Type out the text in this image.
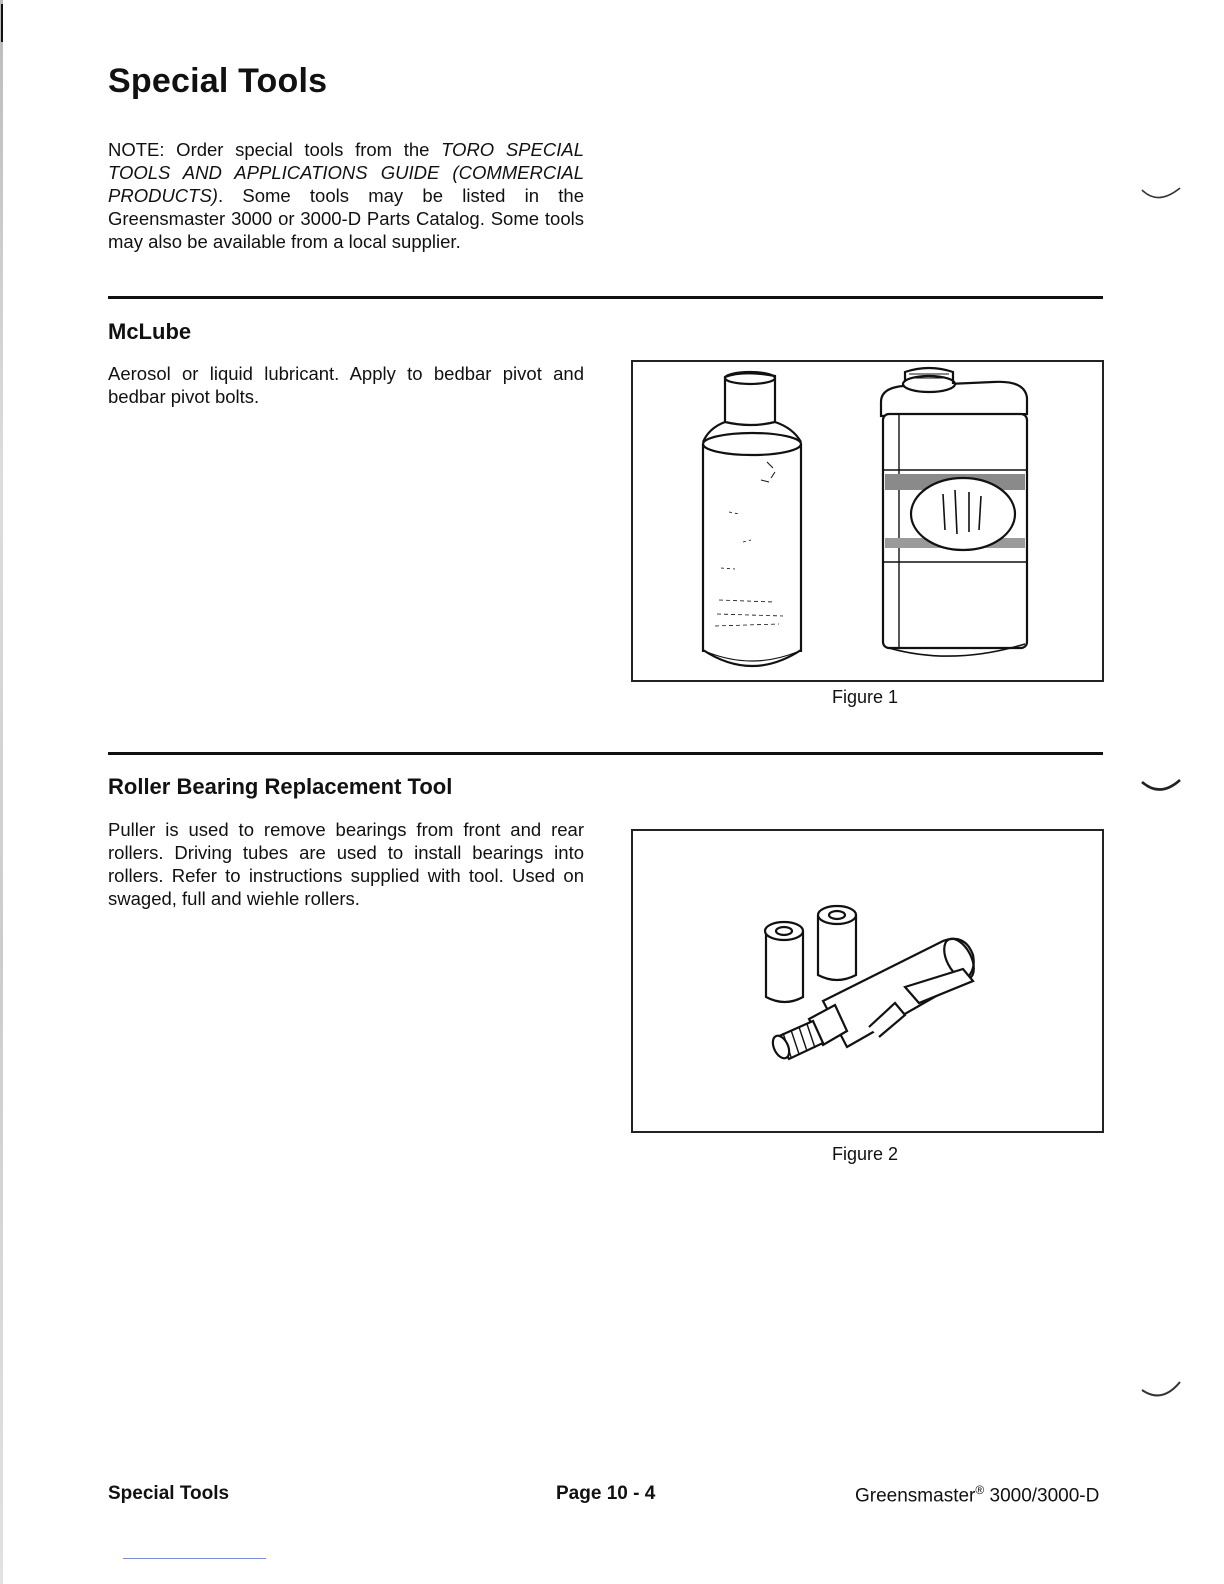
Special Tools

NOTE: Order special tools from the TORO SPECIAL TOOLS AND APPLICATIONS GUIDE (COMMERCIAL PRODUCTS). Some tools may be listed in the Greensmaster 3000 or 3000-D Parts Catalog. Some tools may also be available from a local supplier.

McLube

Aerosol or liquid lubricant. Apply to bedbar pivot and bedbar pivot bolts.

Figure 1
Roller Bearing Replacement Tool

Puller is used to remove bearings from front and rear rollers. Driving tubes are used to install bearings into rollers. Refer to instructions supplied with tool. Used on swaged, full and wiehle rollers.

Figure 2
Special Tools	Page 10 - 4	Greensmaster® 3000/3000-D
